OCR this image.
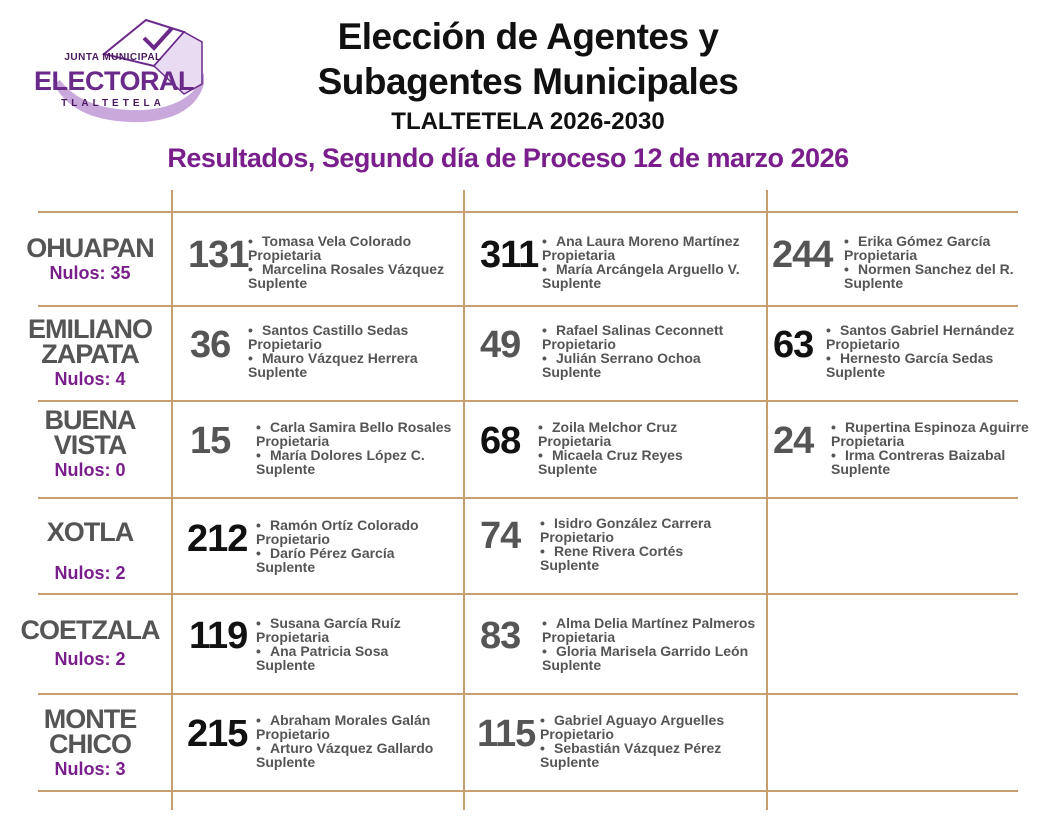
JUNTA MUNICIPAL
ELECTORAL
TLALTETELA
Elección de Agentes y
Subagentes Municipales
TLALTETELA 2026-2030
Resultados, Segundo día de Proceso 12 de marzo 2026
OHUAPAN
Nulos: 35	131 • Tomasa Vela Colorado
Propietaria
• Marcelina Rosales Vázquez
Suplente
311 • Ana Laura Moreno Martínez
Propietaria
• María Arcángela Arguello V.
Suplente
244 • Erika Gómez García
Propietaria
• Normen Sanchez del R.
Suplente
EMILIANO
ZAPATA
Nulos: 4
36 • Santos Castillo Sedas
Propietario
• Mauro Vázquez Herrera
Suplente
49 • Rafael Salinas Ceconnett
Propietario
• Julián Serrano Ochoa
Suplente
63 • Santos Gabriel Hernández
Propietario
• Hernesto García Sedas
Suplente
BUENA
VISTA
Nulos: 0
15 • Carla Samira Bello Rosales
Propietaria
• María Dolores López C.
Suplente
68 • Zoila Melchor Cruz
Propietaria
• Micaela Cruz Reyes
Suplente
24 • Rupertina Espinoza Aguirre
Propietaria
• Irma Contreras Baizabal
Suplente
XOTLA
Nulos: 2
212 • Ramón Ortíz Colorado
Propietario
• Darío Pérez García
Suplente
74 • Isidro González Carrera
Propietario
• Rene Rivera Cortés
Suplente
COETZALA
Nulos: 2
119 • Susana García Ruíz
Propietaria
• Ana Patricia Sosa
Suplente
83 • Alma Delia Martínez Palmeros
Propietaria
• Gloria Marisela Garrido León
Suplente
MONTE
CHICO
Nulos: 3
215 • Abraham Morales Galán
Propietario
• Arturo Vázquez Gallardo
Suplente
115 • Gabriel Aguayo Arguelles
Propietario
• Sebastián Vázquez Pérez
Suplente
